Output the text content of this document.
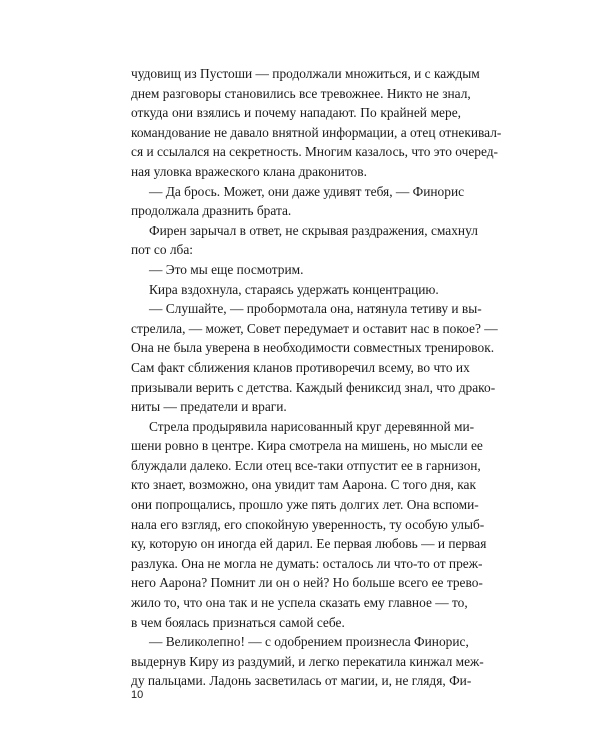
чудовищ из Пустоши — продолжали множиться, и с каждым
днем разговоры становились все тревожнее. Никто не знал,
откуда они взялись и почему нападают. По крайней мере,
командование не давало внятной информации, а отец отнекивал-
ся и ссылался на секретность. Многим казалось, что это очеред-
ная уловка вражеского клана драконитов.
— Да брось. Может, они даже удивят тебя, — Финорис
продолжала дразнить брата.
Фирен зарычал в ответ, не скрывая раздражения, смахнул
пот со лба:
— Это мы еще посмотрим.
Кира вздохнула, стараясь удержать концентрацию.
— Слушайте, — пробормотала она, натянула тетиву и вы-
стрелила, — может, Совет передумает и оставит нас в покое? —
Она не была уверена в необходимости совместных тренировок.
Сам факт сближения кланов противоречил всему, во что их
призывали верить с детства. Каждый фениксид знал, что драко-
ниты — предатели и враги.
Стрела продырявила нарисованный круг деревянной ми-
шени ровно в центре. Кира смотрела на мишень, но мысли ее
блуждали далеко. Если отец все-таки отпустит ее в гарнизон,
кто знает, возможно, она увидит там Аарона. С того дня, как
они попрощались, прошло уже пять долгих лет. Она вспоми-
нала его взгляд, его спокойную уверенность, ту особую улыб-
ку, которую он иногда ей дарил. Ее первая любовь — и первая
разлука. Она не могла не думать: осталось ли что-то от преж-
него Аарона? Помнит ли он о ней? Но больше всего ее трево-
жило то, что она так и не успела сказать ему главное — то,
в чем боялась признаться самой себе.
— Великолепно! — с одобрением произнесла Финорис,
выдернув Киру из раздумий, и легко перекатила кинжал меж-
ду пальцами. Ладонь засветилась от магии, и, не глядя, Фи-
10
